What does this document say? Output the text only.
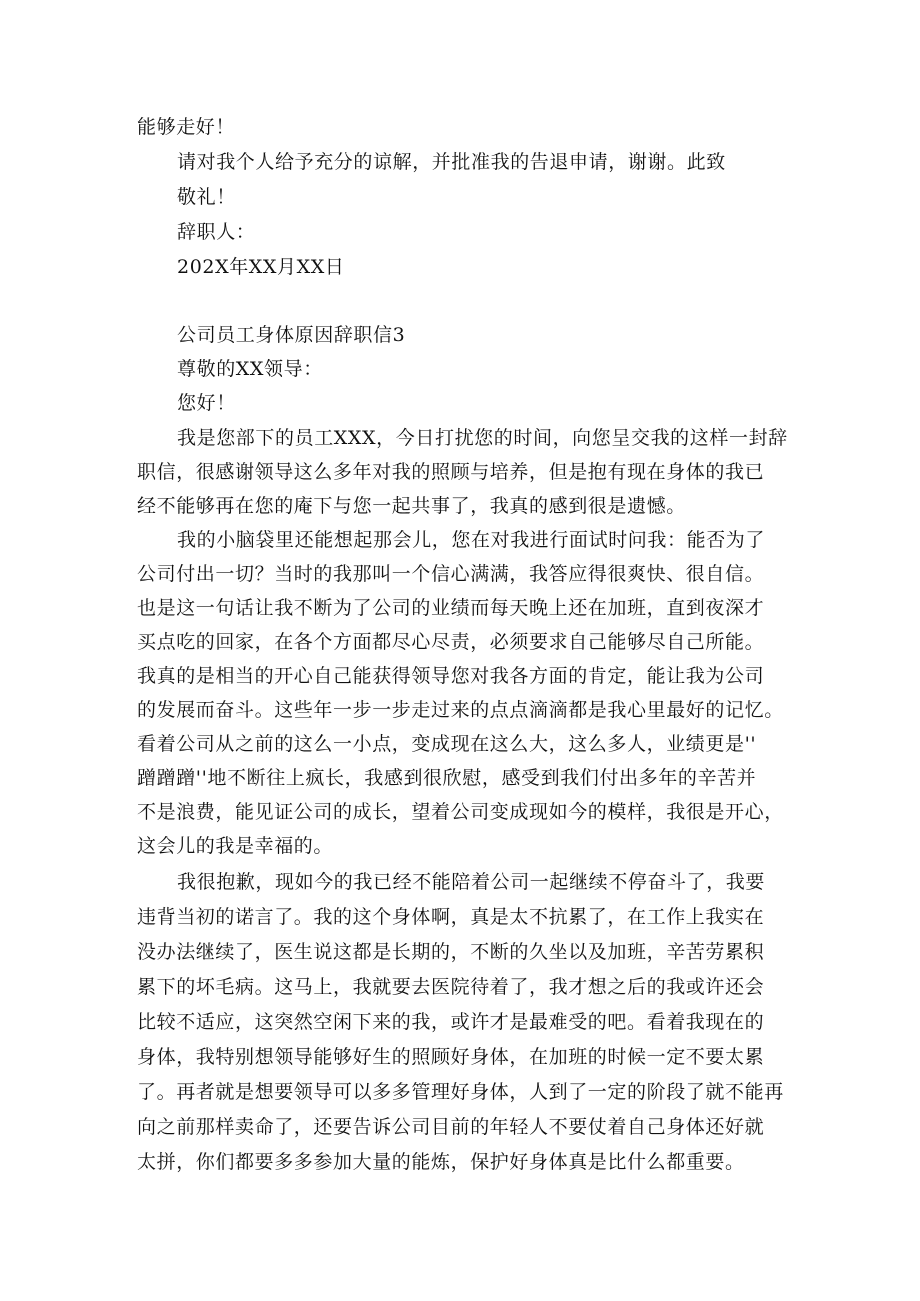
能够走好！
请对我个人给予充分的谅解，并批准我的告退申请，谢谢。此致
敬礼！
辞职人：
202X年XX月XX日
公司员工身体原因辞职信3
尊敬的XX领导：
您好！
我是您部下的员工XXX，今日打扰您的时间，向您呈交我的这样一封辞
职信，很感谢领导这么多年对我的照顾与培养，但是抱有现在身体的我已
经不能够再在您的庵下与您一起共事了，我真的感到很是遗憾。
我的小脑袋里还能想起那会儿，您在对我进行面试时问我：能否为了
公司付出一切？当时的我那叫一个信心满满，我答应得很爽快、很自信。
也是这一句话让我不断为了公司的业绩而每天晚上还在加班，直到夜深才
买点吃的回家，在各个方面都尽心尽责，必须要求自己能够尽自己所能。
我真的是相当的开心自己能获得领导您对我各方面的肯定，能让我为公司
的发展而奋斗。这些年一步一步走过来的点点滴滴都是我心里最好的记忆。
看着公司从之前的这么一小点，变成现在这么大，这么多人，业绩更是''
蹭蹭蹭''地不断往上疯长，我感到很欣慰，感受到我们付出多年的辛苦并
不是浪费，能见证公司的成长，望着公司变成现如今的模样，我很是开心，
这会儿的我是幸福的。
我很抱歉，现如今的我已经不能陪着公司一起继续不停奋斗了，我要
违背当初的诺言了。我的这个身体啊，真是太不抗累了，在工作上我实在
没办法继续了，医生说这都是长期的，不断的久坐以及加班，辛苦劳累积
累下的坏毛病。这马上，我就要去医院待着了，我才想之后的我或许还会
比较不适应，这突然空闲下来的我，或许才是最难受的吧。看着我现在的
身体，我特别想领导能够好生的照顾好身体，在加班的时候一定不要太累
了。再者就是想要领导可以多多管理好身体，人到了一定的阶段了就不能再
向之前那样卖命了，还要告诉公司目前的年轻人不要仗着自己身体还好就
太拼，你们都要多多参加大量的能炼，保护好身体真是比什么都重要。
